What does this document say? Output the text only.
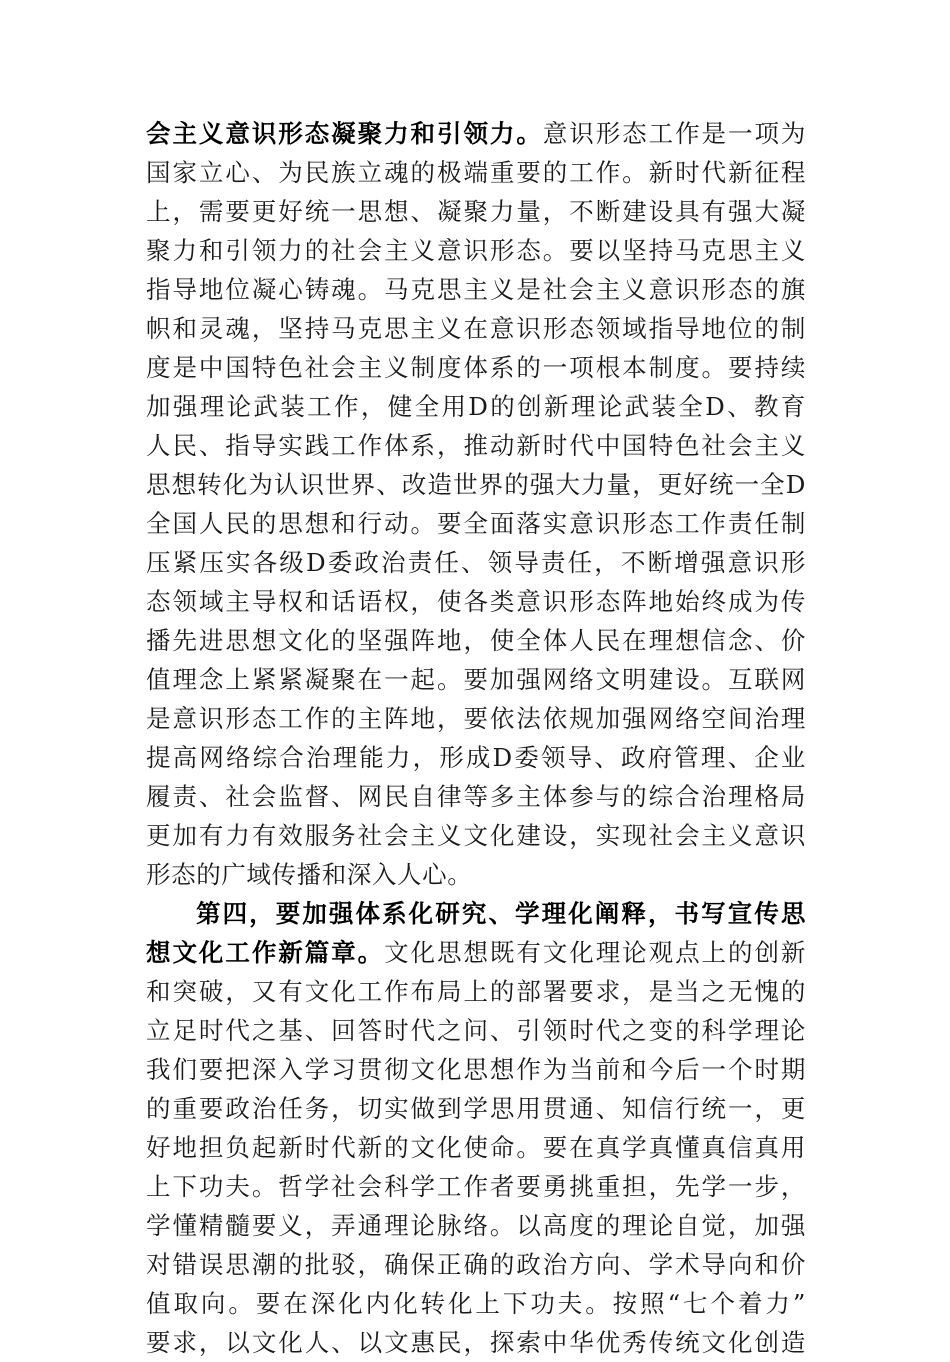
会主义意识形态凝聚力和引领力。意识形态工作是一项为
国家立心、为民族立魂的极端重要的工作。新时代新征程
上，需要更好统一思想、凝聚力量，不断建设具有强大凝
聚力和引领力的社会主义意识形态。要以坚持马克思主义
指导地位凝心铸魂。马克思主义是社会主义意识形态的旗
帜和灵魂，坚持马克思主义在意识形态领域指导地位的制
度是中国特色社会主义制度体系的一项根本制度。要持续
加强理论武装工作，健全用D的创新理论武装全D、教育
人民、指导实践工作体系，推动新时代中国特色社会主义
思想转化为认识世界、改造世界的强大力量，更好统一全D
全国人民的思想和行动。要全面落实意识形态工作责任制
压紧压实各级D委政治责任、领导责任，不断增强意识形
态领域主导权和话语权，使各类意识形态阵地始终成为传
播先进思想文化的坚强阵地，使全体人民在理想信念、价
值理念上紧紧凝聚在一起。要加强网络文明建设。互联网
是意识形态工作的主阵地，要依法依规加强网络空间治理
提高网络综合治理能力，形成D委领导、政府管理、企业
履责、社会监督、网民自律等多主体参与的综合治理格局
更加有力有效服务社会主义文化建设，实现社会主义意识
形态的广域传播和深入人心。
第四，要加强体系化研究、学理化阐释，书写宣传思
想文化工作新篇章。文化思想既有文化理论观点上的创新
和突破，又有文化工作布局上的部署要求，是当之无愧的
立足时代之基、回答时代之问、引领时代之变的科学理论
我们要把深入学习贯彻文化思想作为当前和今后一个时期
的重要政治任务，切实做到学思用贯通、知信行统一，更
好地担负起新时代新的文化使命。要在真学真懂真信真用
上下功夫。哲学社会科学工作者要勇挑重担，先学一步，
学懂精髓要义，弄通理论脉络。以高度的理论自觉，加强
对错误思潮的批驳，确保正确的政治方向、学术导向和价
值取向。要在深化内化转化上下功夫。按照“七个着力”
要求，以文化人、以文惠民，探索中华优秀传统文化创造
